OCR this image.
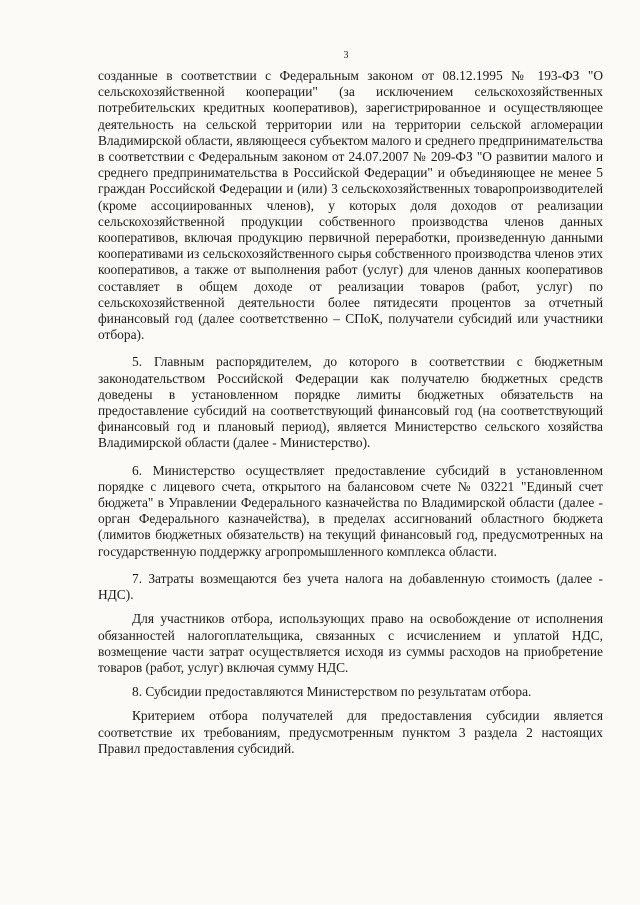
3

созданные в соответствии с Федеральным законом от 08.12.1995 № 193-ФЗ "О сельскохозяйственной кооперации" (за исключением сельскохозяйственных потребительских кредитных кооперативов), зарегистрированное и осуществляющее деятельность на сельской территории или на территории сельской агломерации Владимирской области, являющееся субъектом малого и среднего предпринимательства в соответствии с Федеральным законом от 24.07.2007 № 209-ФЗ "О развитии малого и среднего предпринимательства в Российской Федерации" и объединяющее не менее 5 граждан Российской Федерации и (или) 3 сельскохозяйственных товаропроизводителей (кроме ассоциированных членов), у которых доля доходов от реализации сельскохозяйственной продукции собственного производства членов данных кооперативов, включая продукцию первичной переработки, произведенную данными кооперативами из сельскохозяйственного сырья собственного производства членов этих кооперативов, а также от выполнения работ (услуг) для членов данных кооперативов составляет в общем доходе от реализации товаров (работ, услуг) по сельскохозяйственной деятельности более пятидесяти процентов за отчетный финансовый год (далее соответственно – СПоК, получатели субсидий или участники отбора).

5. Главным распорядителем, до которого в соответствии с бюджетным законодательством Российской Федерации как получателю бюджетных средств доведены в установленном порядке лимиты бюджетных обязательств на предоставление субсидий на соответствующий финансовый год (на соответствующий финансовый год и плановый период), является Министерство сельского хозяйства Владимирской области (далее - Министерство).

6. Министерство осуществляет предоставление субсидий в установленном порядке с лицевого счета, открытого на балансовом счете № 03221 "Единый счет бюджета" в Управлении Федерального казначейства по Владимирской области (далее - орган Федерального казначейства), в пределах ассигнований областного бюджета (лимитов бюджетных обязательств) на текущий финансовый год, предусмотренных на государственную поддержку агропромышленного комплекса области.

7. Затраты возмещаются без учета налога на добавленную стоимость (далее - НДС).

Для участников отбора, использующих право на освобождение от исполнения обязанностей налогоплательщика, связанных с исчислением и уплатой НДС, возмещение части затрат осуществляется исходя из суммы расходов на приобретение товаров (работ, услуг) включая сумму НДС.

8. Субсидии предоставляются Министерством по результатам отбора.

Критерием отбора получателей для предоставления субсидии является соответствие их требованиям, предусмотренным пунктом 3 раздела 2 настоящих Правил предоставления субсидий.
